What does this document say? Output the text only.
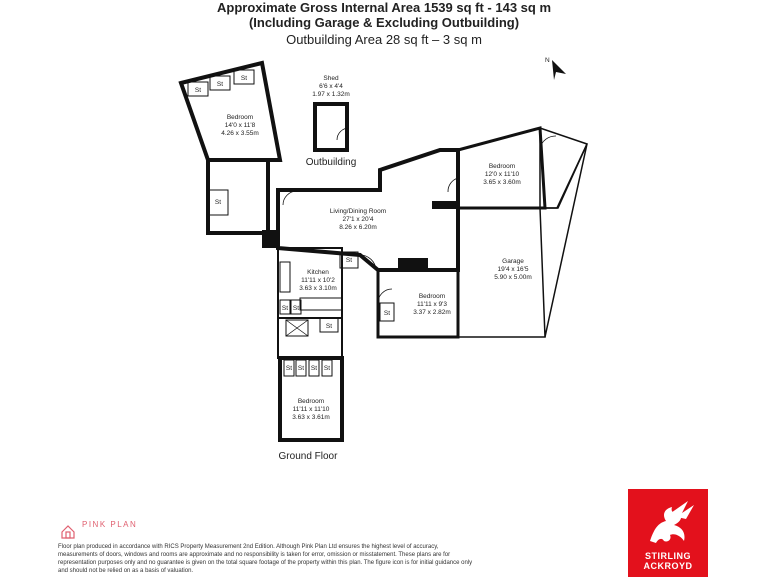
Approximate Gross Internal Area 1539 sq ft - 143 sq m
(Including Garage & Excluding Outbuilding)
Outbuilding Area 28 sq ft – 3 sq m
Shed
6'6 x 4'4
1.97 x 1.32m
Outbuilding
Bedroom
14'0 x 11'8
4.26 x 3.55m
Living/Dining Room
27'1 x 20'4
8.26 x 6.20m
Bedroom
12'0 x 11'10
3.65 x 3.60m
Garage
19'4 x 16'5
5.90 x 5.00m
Kitchen
11'11 x 10'2
3.63 x 3.10m
Bedroom
11'11 x 9'3
3.37 x 2.82m
Bedroom
11'11 x 11'10
3.63 x 3.61m
Ground Floor
St
St
St
St
St
St
St
St St
St St St St
N
PINK PLAN
Floor plan produced in accordance with RICS Property Measurement 2nd Edition. Although Pink Plan Ltd ensures the highest level of accuracy, measurements of doors, windows and rooms are approximate and no responsibility is taken for error, omission or misstatement. These plans are for representation purposes only and no guarantee is given on the total square footage of the property within this plan. The figure icon is for initial guidance only and should not be relied on as a basis of valuation.
STIRLING
ACKROYD
